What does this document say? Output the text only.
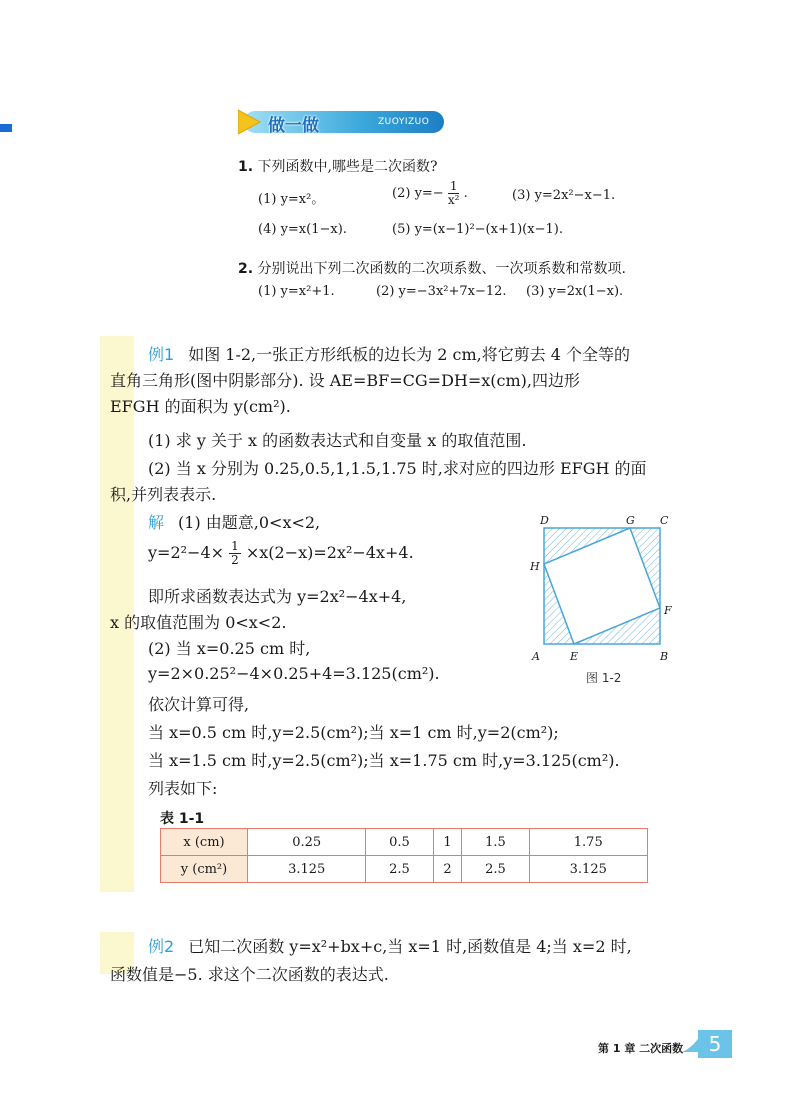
做一做	ZUOYIZUO
1. 下列函数中,哪些是二次函数?
(1) y=x²。	(2) $y=- \frac{1}{\text{x²}}$ .	(3) y=2x²−x−1.
(4) y=x(1−x).	(5) y=(x−1)²−(x+1)(x−1).
2. 分别说出下列二次函数的二次项系数、一次项系数和常数项.
(1) y=x²+1.	(2) y=−3x²+7x−12. (3) y=2x(1−x).
例1 如图 1-2,一张正方形纸板的边长为 2 cm,将它剪去 4 个全等的
直角三角形(图中阴影部分). 设 AE=BF=CG=DH=x(cm),四边形
EFGH 的面积为 y(cm²).
(1) 求 y 关于 x 的函数表达式和自变量 x 的取值范围.
(2) 当 x 分别为 0.25,0.5,1,1.5,1.75 时,求对应的四边形 EFGH 的面
积,并列表表示.
解 (1) 由题意,0<x<2,
$y=2^2-4\times \frac{1}{2} \times x(2-x)=2x^2-4x+4$.
即所求函数表达式为 y=2x²−4x+4,
x 的取值范围为 0<x<2.
(2) 当 x=0.25 cm 时,
y=2×0.25²−4×0.25+4=3.125(cm²).
依次计算可得,
当 x=0.5 cm 时,y=2.5(cm²);当 x=1 cm 时,y=2(cm²);
当 x=1.5 cm 时,y=2.5(cm²);当 x=1.75 cm 时,y=3.125(cm²).
列表如下:
A	B
C
D
E
F
G
H
图 1-2
表 1-1
x (cm)	0.25	0.5	1	1.5	1.75
y (cm²)	3.125	2.5	2	2.5	3.125
例2 已知二次函数 y=x²+bx+c,当 x=1 时,函数值是 4;当 x=2 时,
函数值是−5. 求这个二次函数的表达式.
第 1 章 二次函数	5
